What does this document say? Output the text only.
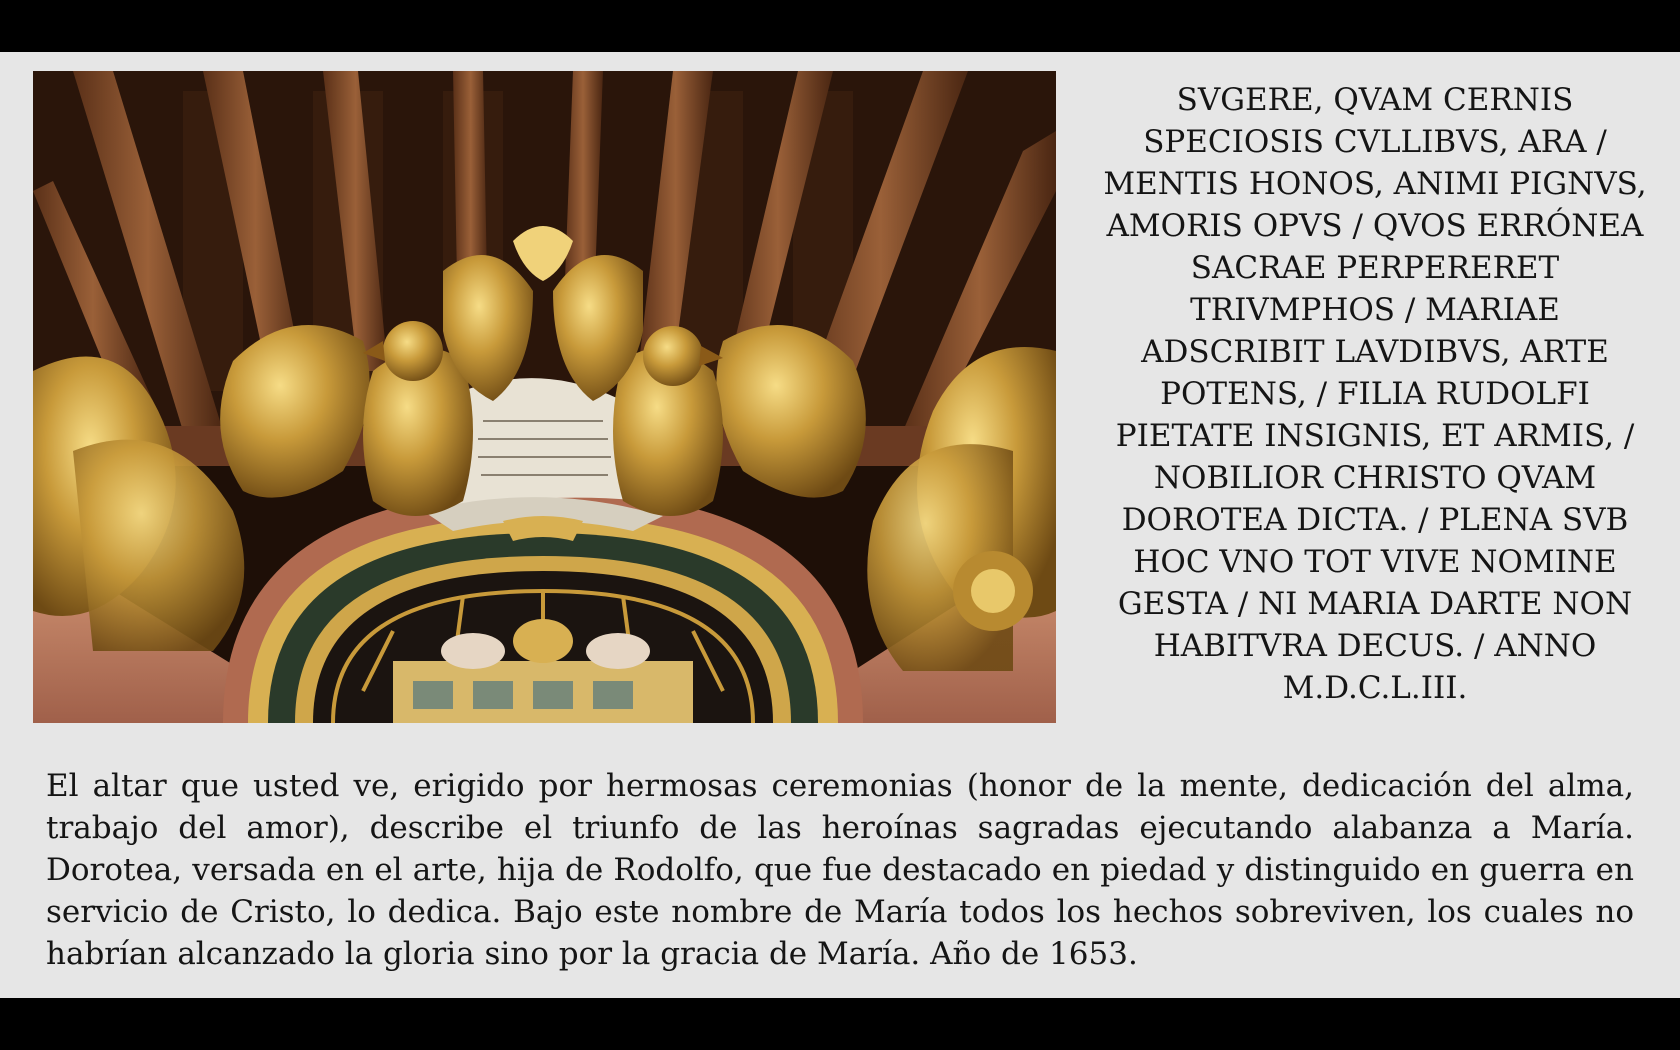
SVGERE, QVAM CERNIS SPECIOSIS CVLLIBVS, ARA / MENTIS HONOS, ANIMI PIGNVS, AMORIS OPVS / QVOS ERRÓNEA SACRAE PERPERERET TRIVMPHOS / MARIAE ADSCRIBIT LAVDIBVS, ARTE POTENS, / FILIA RUDOLFI PIETATE INSIGNIS, ET ARMIS, / NOBILIOR CHRISTO QVAM DOROTEA DICTA. / PLENA SVB HOC VNO TOT VIVE NOMINE GESTA / NI MARIA DARTE NON HABITVRA DECUS. / ANNO M.D.C.L.III.
El altar que usted ve, erigido por hermosas ceremonias (honor de la mente, dedicación del alma, trabajo del amor), describe el triunfo de las heroínas sagradas ejecutando alabanza a María. Dorotea, versada en el arte, hija de Rodolfo, que fue destacado en piedad y distinguido en guerra en servicio de Cristo, lo dedica. Bajo este nombre de María todos los hechos sobreviven, los cuales no habrían alcanzado la gloria sino por la gracia de María. Año de 1653.
